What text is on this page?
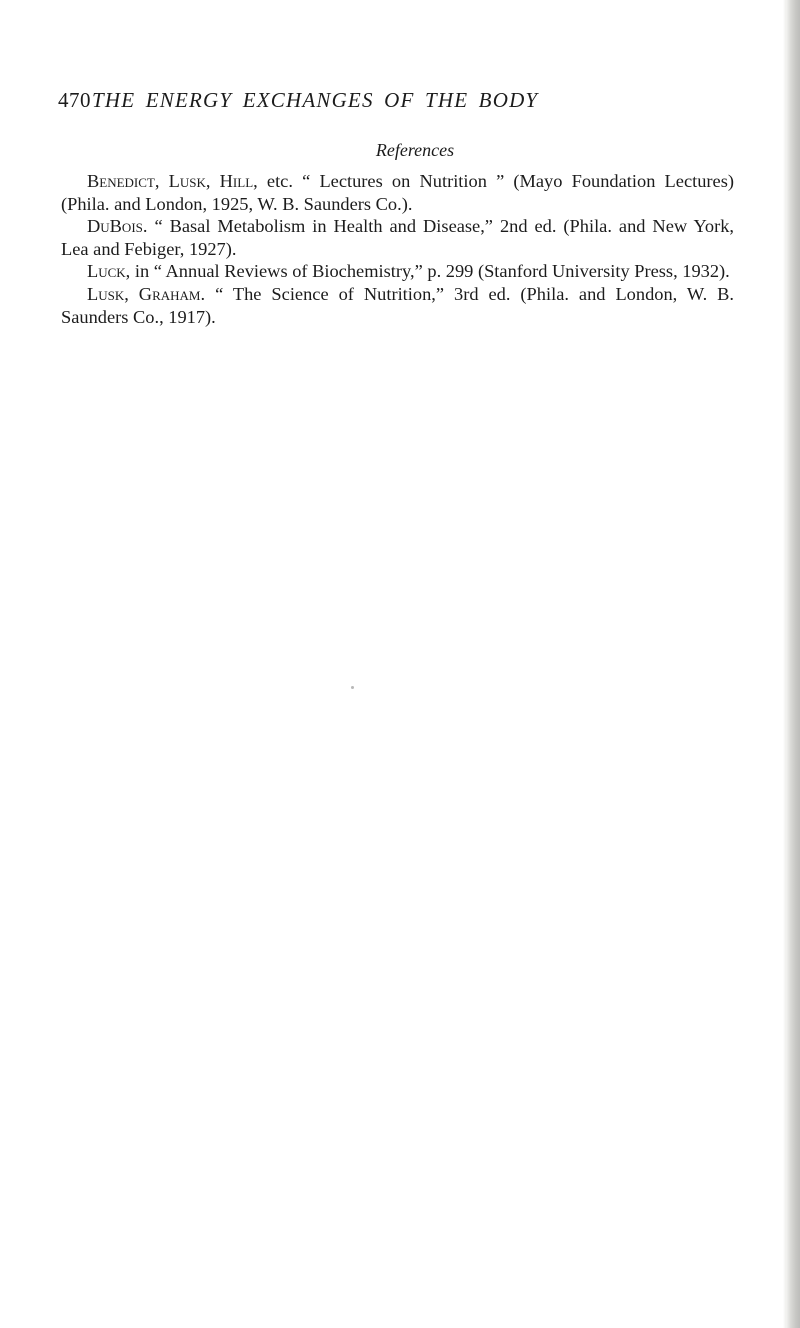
470 THE ENERGY EXCHANGES OF THE BODY
References

Benedict, Lusk, Hill, etc. “ Lectures on Nutrition ” (Mayo Foundation Lectures) (Phila. and London, 1925, W. B. Saunders Co.).

DuBois. “ Basal Metabolism in Health and Disease,” 2nd ed. (Phila. and New York, Lea and Febiger, 1927).

Luck, in “ Annual Reviews of Biochemistry,” p. 299 (Stanford University Press, 1932).

Lusk, Graham. “ The Science of Nutrition,” 3rd ed. (Phila. and London, W. B. Saunders Co., 1917).
